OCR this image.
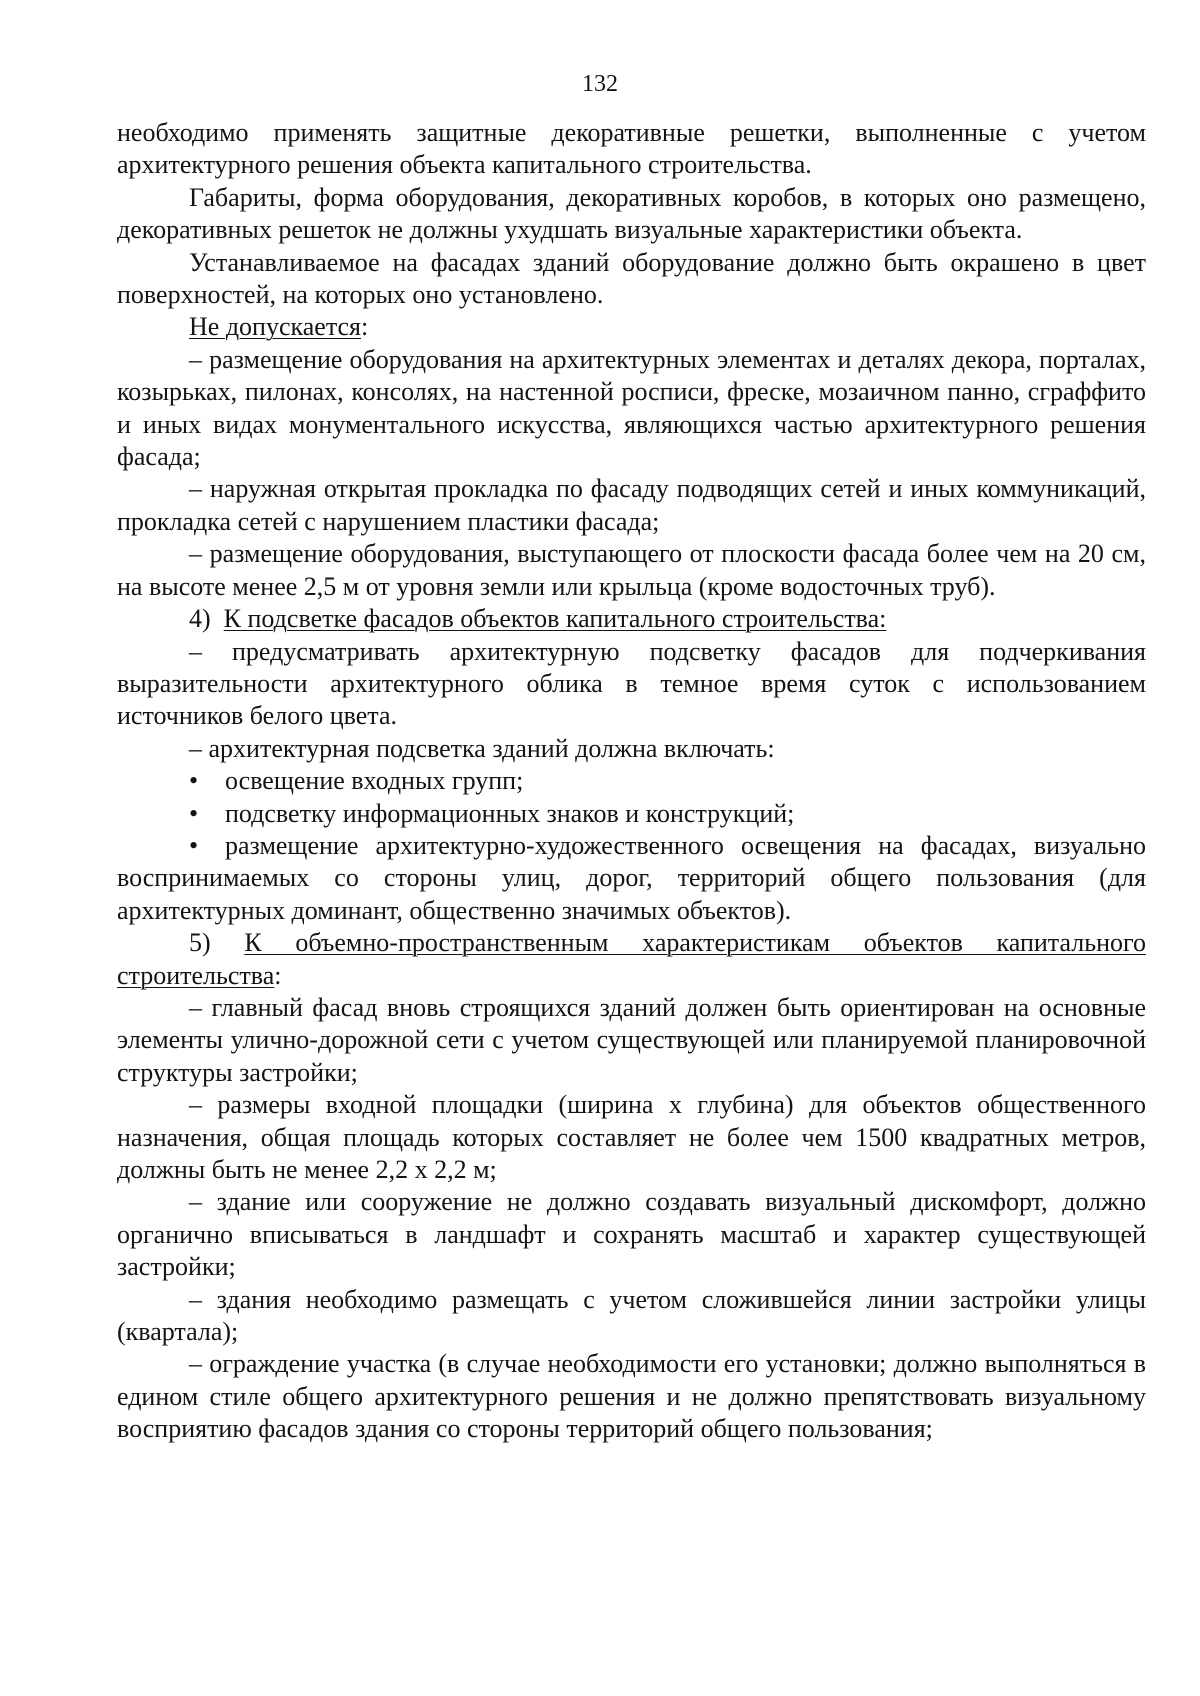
132

необходимо применять защитные декоративные решетки, выполненные с учетом архитектурного решения объекта капитального строительства.

Габариты, форма оборудования, декоративных коробов, в которых оно размещено, декоративных решеток не должны ухудшать визуальные характеристики объекта.

Устанавливаемое на фасадах зданий оборудование должно быть окрашено в цвет поверхностей, на которых оно установлено.

Не допускается:

– размещение оборудования на архитектурных элементах и деталях декора, порталах, козырьках, пилонах, консолях, на настенной росписи, фреске, мозаичном панно, сграффито и иных видах монументального искусства, являющихся частью архитектурного решения фасада;

– наружная открытая прокладка по фасаду подводящих сетей и иных коммуникаций, прокладка сетей с нарушением пластики фасада;

– размещение оборудования, выступающего от плоскости фасада более чем на 20 см, на высоте менее 2,5 м от уровня земли или крыльца (кроме водосточных труб).

4) К подсветке фасадов объектов капитального строительства:

– предусматривать архитектурную подсветку фасадов для подчеркивания выразительности архитектурного облика в темное время суток с использованием источников белого цвета.

– архитектурная подсветка зданий должна включать:

• освещение входных групп;

• подсветку информационных знаков и конструкций;

• размещение архитектурно-художественного освещения на фасадах, визуально воспринимаемых со стороны улиц, дорог, территорий общего пользования (для архитектурных доминант, общественно значимых объектов).

5) К объемно-пространственным характеристикам объектов капитального строительства:

– главный фасад вновь строящихся зданий должен быть ориентирован на основные элементы улично-дорожной сети с учетом существующей или планируемой планировочной структуры застройки;

– размеры входной площадки (ширина х глубина) для объектов общественного назначения, общая площадь которых составляет не более чем 1500 квадратных метров, должны быть не менее 2,2 х 2,2 м;

– здание или сооружение не должно создавать визуальный дискомфорт, должно органично вписываться в ландшафт и сохранять масштаб и характер существующей застройки;

– здания необходимо размещать с учетом сложившейся линии застройки улицы (квартала);

– ограждение участка (в случае необходимости его установки; должно выполняться в едином стиле общего архитектурного решения и не должно препятствовать визуальному восприятию фасадов здания со стороны территорий общего пользования;
